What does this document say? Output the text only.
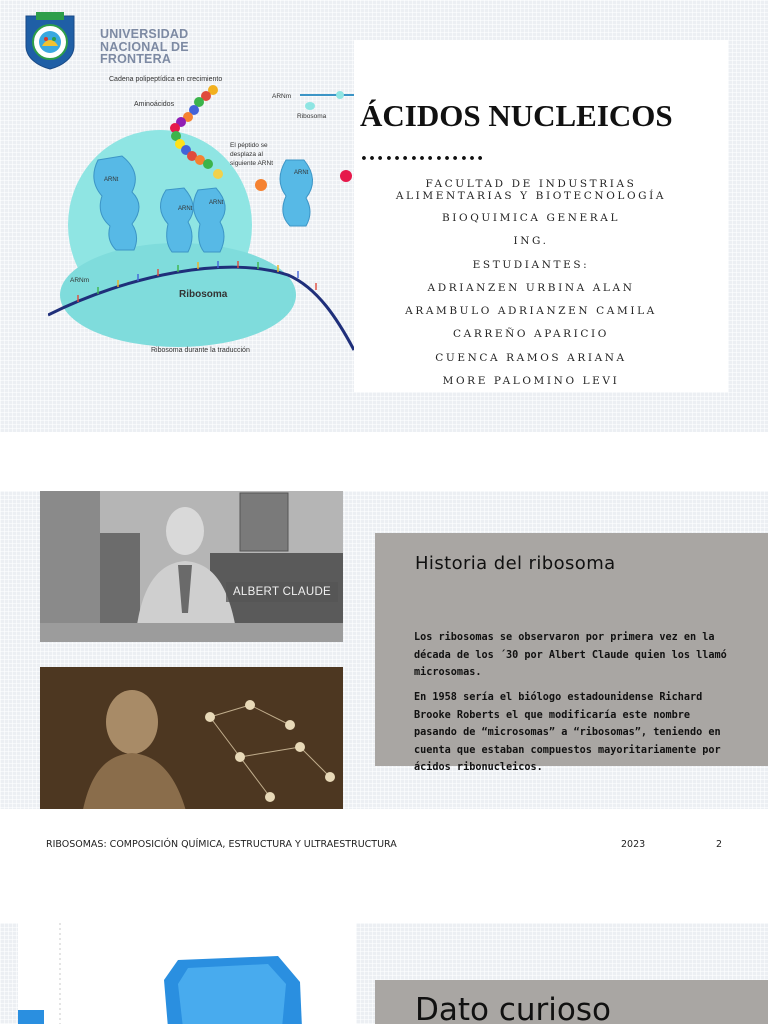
UNIVERSIDAD
NACIONAL DE
FRONTERA
Cadena polipeptídica en crecimiento
Aminoácidos
El péptido se
desplaza al
siguiente ARNt
ARNm
Ribosoma
ARNt
ARNt
ARNt
ARNt
ARNm
Ribosoma
Ribosoma durante la traducción
ÁCIDOS NUCLEICOS
……………
FACULTAD DE INDUSTRIAS ALIMENTARIAS Y BIOTECNOLOGÍA
BIOQUIMICA GENERAL
ING.
ESTUDIANTES:
ADRIANZEN URBINA ALAN
ARAMBULO ADRIANZEN CAMILA
CARREÑO APARICIO
CUENCA RAMOS ARIANA
MORE PALOMINO LEVI
ALBERT CLAUDE
Historia del ribosoma
Los ribosomas se observaron por primera vez en la década de los ´30 por Albert Claude quien los llamó microsomas.
En 1958 sería el biólogo estadounidense Richard Brooke Roberts el que modificaría este nombre pasando de “microsomas” a “ribosomas”, teniendo en cuenta que estaban compuestos mayoritariamente por ácidos ribonucleicos.
RIBOSOMAS: COMPOSICIÓN QUÍMICA, ESTRUCTURA Y ULTRAESTRUCTURA	2023	2
Dato curioso
